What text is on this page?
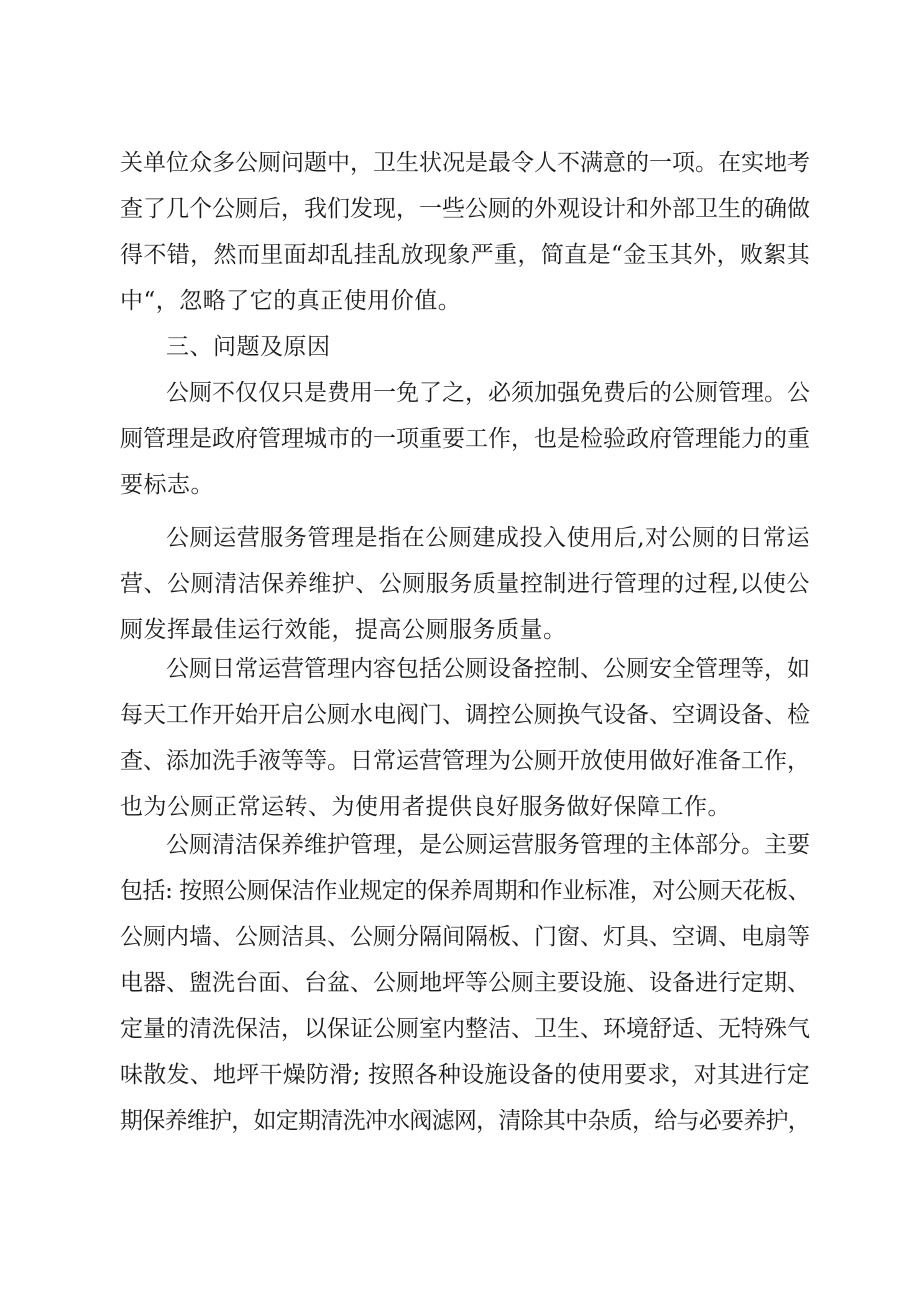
关单位众多公厕问题中，卫生状况是最令人不满意的一项。在实地考
查了几个公厕后，我们发现，一些公厕的外观设计和外部卫生的确做
得不错，然而里面却乱挂乱放现象严重，简直是“金玉其外，败絮其
中“，忽略了它的真正使用价值。
三、问题及原因
公厕不仅仅只是费用一免了之，必须加强免费后的公厕管理。公
厕管理是政府管理城市的一项重要工作，也是检验政府管理能力的重
要标志。
公厕运营服务管理是指在公厕建成投入使用后,对公厕的日常运
营、公厕清洁保养维护、公厕服务质量控制进行管理的过程,以使公
厕发挥最佳运行效能，提高公厕服务质量。
公厕日常运营管理内容包括公厕设备控制、公厕安全管理等，如
每天工作开始开启公厕水电阀门、调控公厕换气设备、空调设备、检
查、添加洗手液等等。日常运营管理为公厕开放使用做好准备工作，
也为公厕正常运转、为使用者提供良好服务做好保障工作。
公厕清洁保养维护管理，是公厕运营服务管理的主体部分。主要
包括: 按照公厕保洁作业规定的保养周期和作业标准，对公厕天花板、
公厕内墙、公厕洁具、公厕分隔间隔板、门窗、灯具、空调、电扇等
电器、盥洗台面、台盆、公厕地坪等公厕主要设施、设备进行定期、
定量的清洗保洁，以保证公厕室内整洁、卫生、环境舒适、无特殊气
味散发、地坪干燥防滑; 按照各种设施设备的使用要求，对其进行定
期保养维护，如定期清洗冲水阀滤网，清除其中杂质，给与必要养护，
